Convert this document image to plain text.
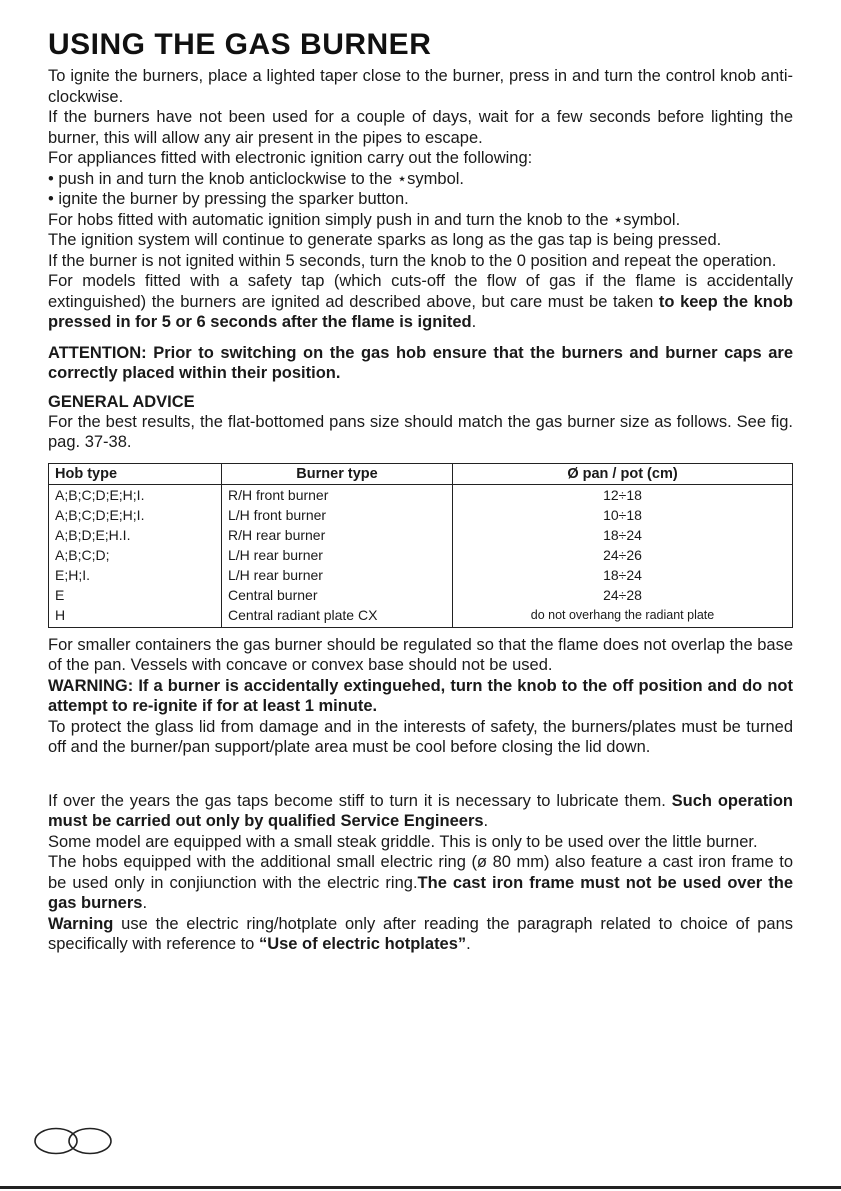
USING THE GAS BURNER

To ignite the burners, place a lighted taper close to the burner, press in and turn the control knob anti-clockwise.

If the burners have not been used for a couple of days, wait for a few seconds before lighting the burner, this will allow any air present in the pipes to escape.

For appliances fitted with electronic ignition carry out the following:

• push in and turn the knob anticlockwise to the ⋆symbol.

• ignite the burner by pressing the sparker button.

For hobs fitted with automatic ignition simply push in and turn the knob to the ⋆symbol.

The ignition system will continue to generate sparks as long as the gas tap is being pressed.

If the burner is not ignited within 5 seconds, turn the knob to the 0 position and repeat the operation.

For models fitted with a safety tap (which cuts-off the flow of gas if the flame is accidentally extinguished) the burners are ignited ad described above, but care must be taken to keep the knob pressed in for 5 or 6 seconds after the flame is ignited.

ATTENTION: Prior to switching on the gas hob ensure that the burners and burner caps are correctly placed within their position.

GENERAL ADVICE

For the best results, the flat-bottomed pans size should match the gas burner size as follows. See fig. pag. 37-38.

Hob type	Burner type	Ø pan / pot (cm)
A;B;C;D;E;H;I.	R/H front burner	12÷18
A;B;C;D;E;H;I.	L/H front burner	10÷18
A;B;D;E;H.I.	R/H rear burner	18÷24
A;B;C;D;	L/H rear burner	24÷26
E;H;I.	L/H rear burner	18÷24
E	Central burner	24÷28
H	Central radiant plate CX	do not overhang the radiant plate

For smaller containers the gas burner should be regulated so that the flame does not overlap the base of the pan. Vessels with concave or convex base should not be used.

WARNING: If a burner is accidentally extinguehed, turn the knob to the off position and do not attempt to re-ignite if for at least 1 minute.

To protect the glass lid from damage and in the interests of safety, the burners/plates must be turned off and the burner/pan support/plate area must be cool before closing the lid down.

If over the years the gas taps become stiff to turn it is necessary to lubricate them. Such operation must be carried out only by qualified Service Engineers.

Some model are equipped with a small steak griddle. This is only to be used over the little burner.

The hobs equipped with the additional small electric ring (ø 80 mm) also feature a cast iron frame to be used only in conjiunction with the electric ring.The cast iron frame must not be used over the gas burners.

Warning use the electric ring/hotplate only after reading the paragraph related to choice of pans specifically with reference to “Use of electric hotplates”.
